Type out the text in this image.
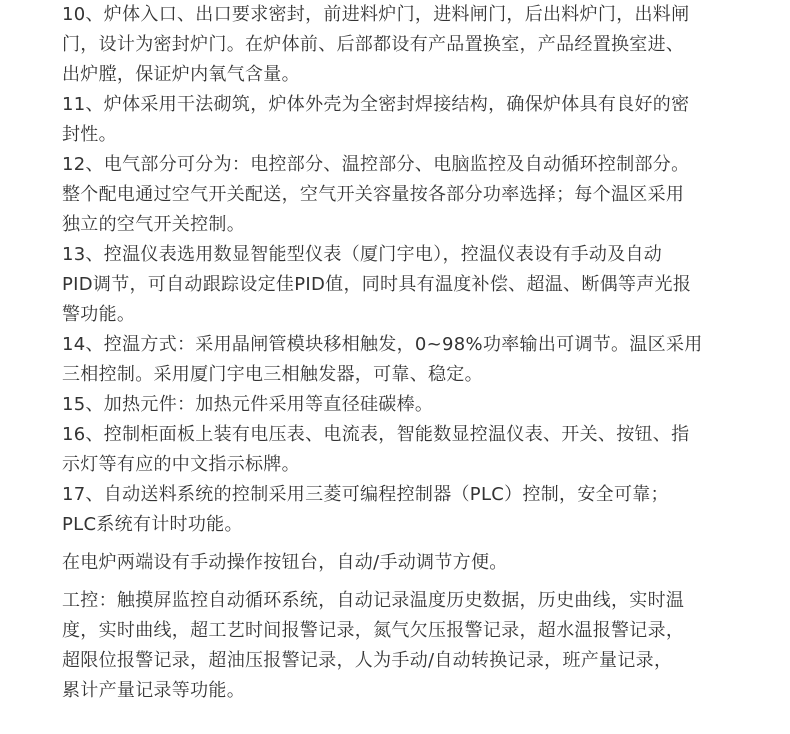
10、炉体入口、出口要求密封，前进料炉门，进料闸门，后出料炉门，出料闸
门，设计为密封炉门。在炉体前、后部都设有产品置换室，产品经置换室进、
出炉膛，保证炉内氧气含量。
11、炉体采用干法砌筑，炉体外壳为全密封焊接结构，确保炉体具有良好的密
封性。
12、电气部分可分为：电控部分、温控部分、电脑监控及自动循环控制部分。
整个配电通过空气开关配送，空气开关容量按各部分功率选择；每个温区采用
独立的空气开关控制。
13、控温仪表选用数显智能型仪表（厦门宇电），控温仪表设有手动及自动
PID调节，可自动跟踪设定佳PID值，同时具有温度补偿、超温、断偶等声光报
警功能。
14、控温方式：采用晶闸管模块移相触发，0~98%功率输出可调节。温区采用
三相控制。采用厦门宇电三相触发器，可靠、稳定。
15、加热元件：加热元件采用等直径硅碳棒。
16、控制柜面板上装有电压表、电流表，智能数显控温仪表、开关、按钮、指
示灯等有应的中文指示标牌。
17、自动送料系统的控制采用三菱可编程控制器（PLC）控制，安全可靠；
PLC系统有计时功能。
在电炉两端设有手动操作按钮台，自动/手动调节方便。
工控：触摸屏监控自动循环系统，自动记录温度历史数据，历史曲线，实时温
度，实时曲线，超工艺时间报警记录，氮气欠压报警记录，超水温报警记录，
超限位报警记录，超油压报警记录，人为手动/自动转换记录，班产量记录，
累计产量记录等功能。
